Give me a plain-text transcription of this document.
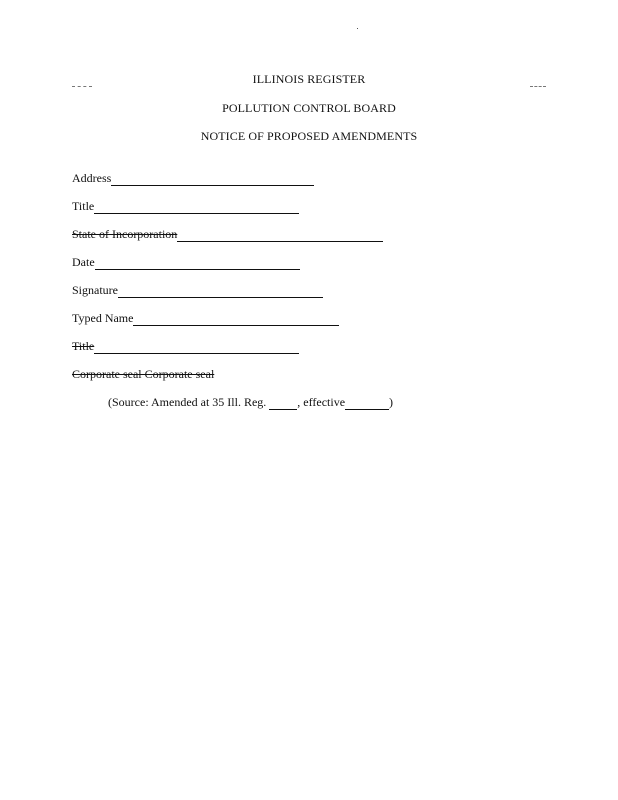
ILLINOIS REGISTER
POLLUTION CONTROL BOARD
NOTICE OF PROPOSED AMENDMENTS
Address
Title
State of Incorporation
Date
Signature
Typed Name
Title
Corporate seal Corporate seal
(Source: Amended at 35 Ill. Reg.	, effective	)
